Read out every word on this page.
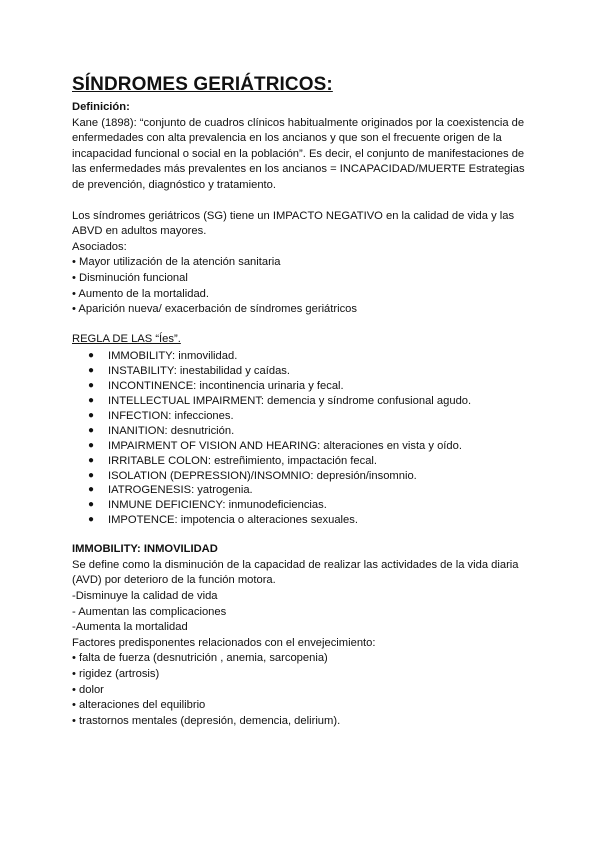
SÍNDROMES GERIÁTRICOS:

Definición:

Kane (1898): “conjunto de cuadros clínicos habitualmente originados por la coexistencia de

enfermedades con alta prevalencia en los ancianos y que son el frecuente origen de la

incapacidad funcional o social en la población”. Es decir, el conjunto de manifestaciones de

las enfermedades más prevalentes en los ancianos = INCAPACIDAD/MUERTE Estrategias

de prevención, diagnóstico y tratamiento.

Los síndromes geriátricos (SG) tiene un IMPACTO NEGATIVO en la calidad de vida y las

ABVD en adultos mayores.

Asociados:

• Mayor utilización de la atención sanitaria
• Disminución funcional
• Aumento de la mortalidad.
• Aparición nueva/ exacerbación de síndromes geriátricos

REGLA DE LAS “Íes”.

● IMMOBILITY: inmovilidad.
● INSTABILITY: inestabilidad y caídas.
● INCONTINENCE: incontinencia urinaria y fecal.
● INTELLECTUAL IMPAIRMENT: demencia y síndrome confusional agudo.
● INFECTION: infecciones.
● INANITION: desnutrición.
● IMPAIRMENT OF VISION AND HEARING: alteraciones en vista y oído.
● IRRITABLE COLON: estreñimiento, impactación fecal.
● ISOLATION (DEPRESSION)/INSOMNIO: depresión/insomnio.
● IATROGENESIS: yatrogenia.
● INMUNE DEFICIENCY: inmunodeficiencias.
● IMPOTENCE: impotencia o alteraciones sexuales.

IMMOBILITY: INMOVILIDAD

Se define como la disminución de la capacidad de realizar las actividades de la vida diaria

(AVD) por deterioro de la función motora.

-Disminuye la calidad de vida

- Aumentan las complicaciones

-Aumenta la mortalidad

Factores predisponentes relacionados con el envejecimiento:

• falta de fuerza (desnutrición , anemia, sarcopenia)
• rigidez (artrosis)
• dolor
• alteraciones del equilibrio
• trastornos mentales (depresión, demencia, delirium).
